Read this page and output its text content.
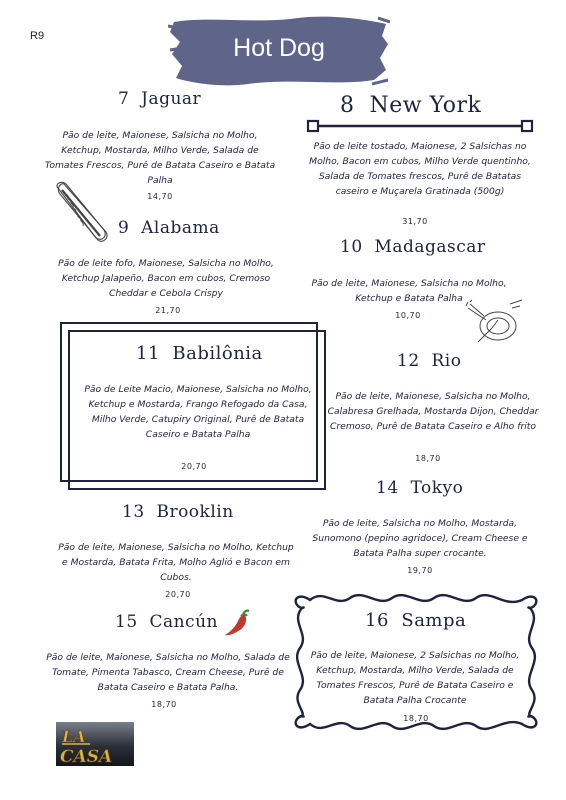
R9	Hot Dog
7 Jaguar
Pão de leite, Maionese, Salsicha no Molho, Ketchup, Mostarda, Milho Verde, Salada de Tomates Frescos, Purê de Batata Caseiro e Batata Palha
14,70
8 New York
Pão de leite tostado, Maionese, 2 Salsichas no Molho, Bacon em cubos, Milho Verde quentinho, Salada de Tomates frescos, Purê de Batatas caseiro e Muçarela Gratinada (500g)
31,70
9 Alabama
Pão de leite fofo, Maionese, Salsicha no Molho, Ketchup Jalapeño, Bacon em cubos, Cremoso Cheddar e Cebola Crispy
21,70
10 Madagascar
Pão de leite, Maionese, Salsicha no Molho, Ketchup e Batata Palha
10,70
11 Babilônia
Pão de Leite Macio, Maionese, Salsicha no Molho, Ketchup e Mostarda, Frango Refogado da Casa, Milho Verde, Catupiry Original, Purê de Batata Caseiro e Batata Palha
20,70
12 Rio
Pão de leite, Maionese, Salsicha no Molho, Calabresa Grelhada, Mostarda Dijon, Cheddar Cremoso, Purê de Batata Caseiro e Alho frito
18,70
13 Brooklin
Pão de leite, Maionese, Salsicha no Molho, Ketchup e Mostarda, Batata Frita, Molho Aglió e Bacon em Cubos.
20,70
14 Tokyo
Pão de leite, Salsicha no Molho, Mostarda, Sunomono (pepino agridoce), Cream Cheese e Batata Palha super crocante.
19,70
15 Cancún
Pão de leite, Maionese, Salsicha no Molho, Salada de Tomate, Pimenta Tabasco, Cream Cheese, Purê de Batata Caseiro e Batata Palha.
18,70
16 Sampa
Pão de leite, Maionese, 2 Salsichas no Molho, Ketchup, Mostarda, Milho Verde, Salada de Tomates Frescos, Purê de Batata Caseiro e Batata Palha Crocante
18,70
LA
CASA
